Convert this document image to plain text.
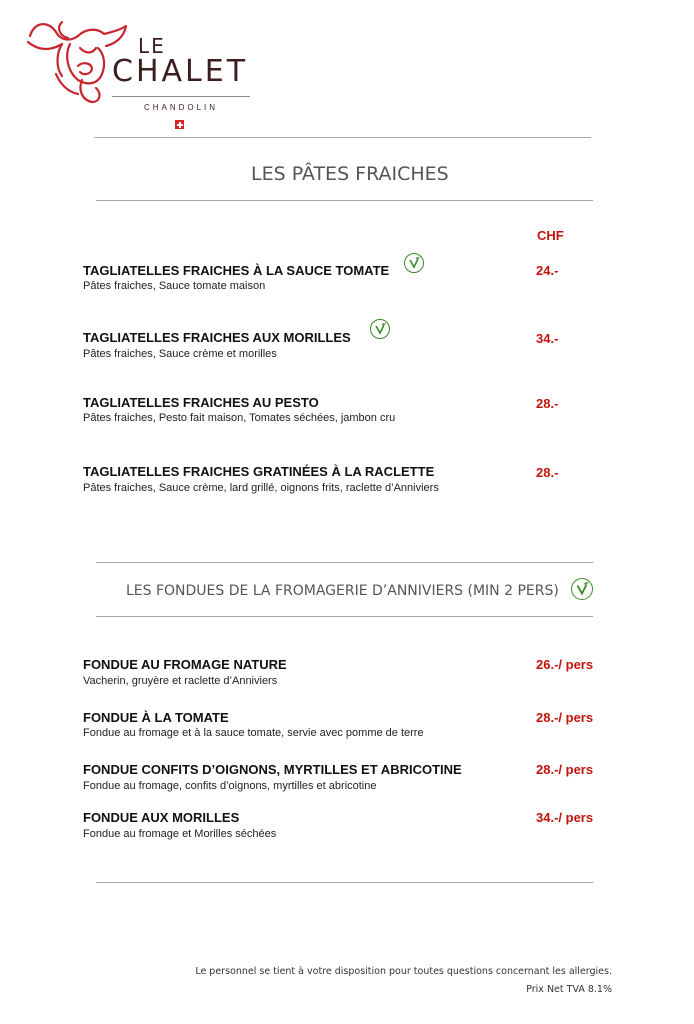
LE
CHALET
CHANDOLIN
LES PÂTES FRAICHES
CHF
TAGLIATELLES FRAICHES À LA SAUCE TOMATE
Pâtes fraiches, Sauce tomate maison
24.-
TAGLIATELLES FRAICHES AUX MORILLES
Pâtes fraiches, Sauce crème et morilles
34.-
TAGLIATELLES FRAICHES AU PESTO
Pâtes fraiches, Pesto fait maison, Tomates séchées, jambon cru
28.-
TAGLIATELLES FRAICHES GRATINÉES À LA RACLETTE
Pâtes fraiches, Sauce crème, lard grillé, oignons frits, raclette d’Anniviers
28.-
LES FONDUES DE LA FROMAGERIE D’ANNIVIERS (MIN 2 PERS)
FONDUE AU FROMAGE NATURE
Vacherin, gruyère et raclette d’Anniviers
26.-/ pers
FONDUE À LA TOMATE
Fondue au fromage et à la sauce tomate, servie avec pomme de terre
28.-/ pers
FONDUE CONFITS D’OIGNONS, MYRTILLES ET ABRICOTINE
Fondue au fromage, confits d’oignons, myrtilles et abricotine
28.-/ pers
FONDUE AUX MORILLES
Fondue au fromage et Morilles séchées
34.-/ pers
Le personnel se tient à votre disposition pour toutes questions concernant les allergies.
Prix Net TVA 8.1%
